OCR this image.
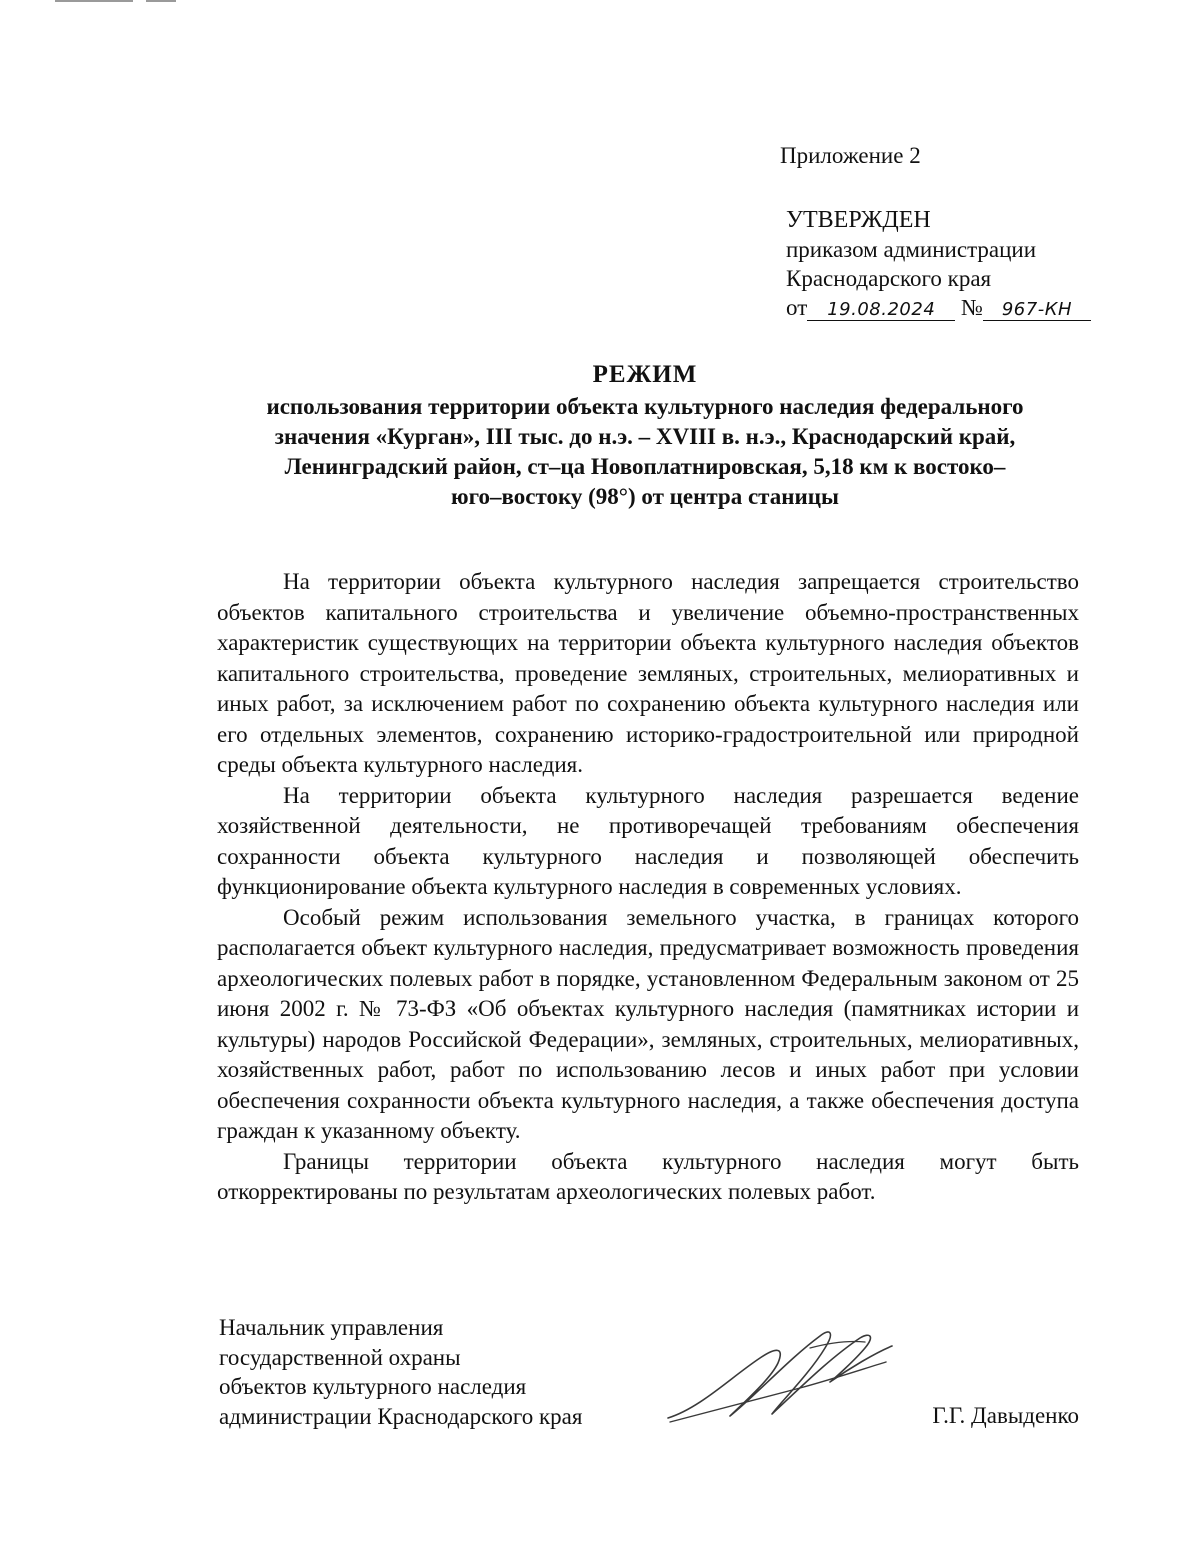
Приложение 2
УТВЕРЖДЕН
приказом администрации
Краснодарского края
от 19.08.2024 № 967-КН
РЕЖИМ
использования территории объекта культурного наследия федерального
значения «Курган», III тыс. до н.э. – XVIII в. н.э., Краснодарский край,
Ленинградский район, ст–ца Новоплатнировская, 5,18 км к востоко–
юго–востоку (98°) от центра станицы

На территории объекта культурного наследия запрещается строительство объектов капитального строительства и увеличение объемно-пространственных характеристик существующих на территории объекта культурного наследия объектов капитального строительства, проведение земляных, строительных, мелиоративных и иных работ, за исключением работ по сохранению объекта культурного наследия или его отдельных элементов, сохранению историко-градостроительной или природной среды объекта культурного наследия.

На территории объекта культурного наследия разрешается ведение хозяйственной деятельности, не противоречащей требованиям обеспечения сохранности объекта культурного наследия и позволяющей обеспечить функционирование объекта культурного наследия в современных условиях.

Особый режим использования земельного участка, в границах которого располагается объект культурного наследия, предусматривает возможность проведения археологических полевых работ в порядке, установленном Федеральным законом от 25 июня 2002 г. № 73-ФЗ «Об объектах культурного наследия (памятниках истории и культуры) народов Российской Федерации», земляных, строительных, мелиоративных, хозяйственных работ, работ по использованию лесов и иных работ при условии обеспечения сохранности объекта культурного наследия, а также обеспечения доступа граждан к указанному объекту.

Границы территории объекта культурного наследия могут быть откорректированы по результатам археологических полевых работ.

Начальник управления
государственной охраны
объектов культурного наследия
администрации Краснодарского края	Г.Г. Давыденко
